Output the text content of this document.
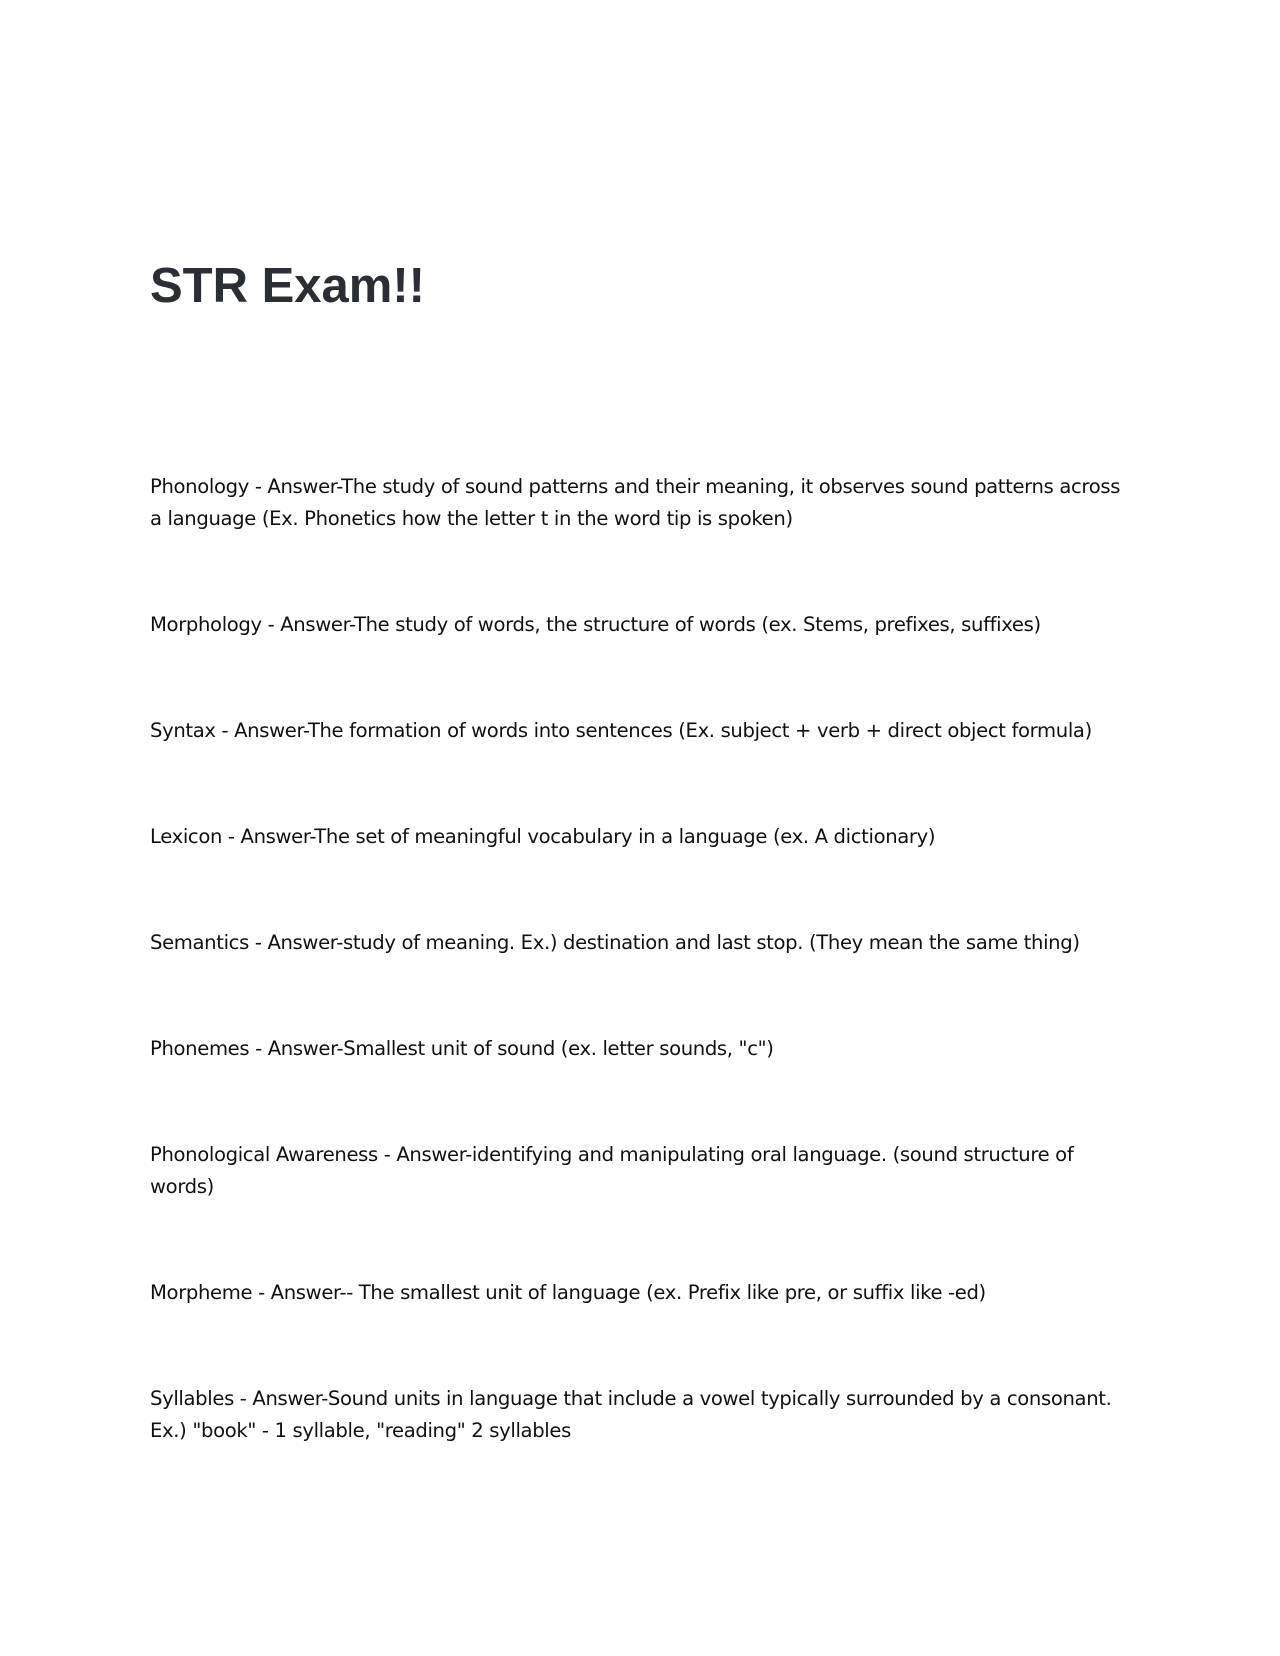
STR Exam!!

Phonology - Answer-The study of sound patterns and their meaning, it observes sound patterns across a language (Ex. Phonetics how the letter t in the word tip is spoken)

Morphology - Answer-The study of words, the structure of words (ex. Stems, prefixes, suffixes)

Syntax - Answer-The formation of words into sentences (Ex. subject + verb + direct object formula)

Lexicon - Answer-The set of meaningful vocabulary in a language (ex. A dictionary)

Semantics - Answer-study of meaning. Ex.) destination and last stop. (They mean the same thing)

Phonemes - Answer-Smallest unit of sound (ex. letter sounds, "c")

Phonological Awareness - Answer-identifying and manipulating oral language. (sound structure of words)

Morpheme - Answer-- The smallest unit of language (ex. Prefix like pre, or suffix like -ed)

Syllables - Answer-Sound units in language that include a vowel typically surrounded by a consonant. Ex.) "book" - 1 syllable, "reading" 2 syllables
